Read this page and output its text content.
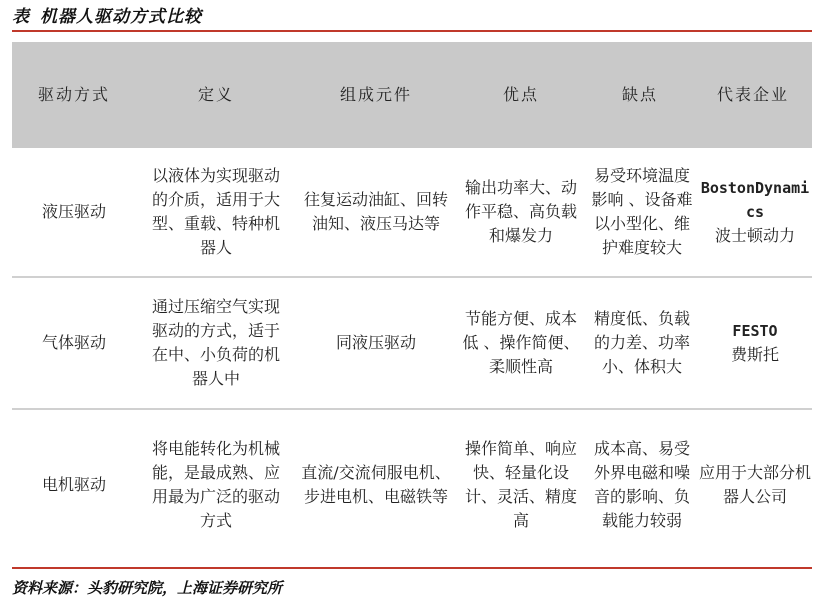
表 机器人驱动方式比较
驱动方式	定义	组成元件	优点	缺点	代表企业
液压驱动	以液体为实现驱动的介质，适用于大型、重载、特种机器人	往复运动油缸、回转油知、液压马达等	输出功率大、动作平稳、高负载和爆发力	易受环境温度影响 、设备难以小型化、维护难度较大	BostonDynamics
波士顿动力

气体驱动	通过压缩空气实现驱动的方式，适于在中、小负荷的机器人中	同液压驱动	节能方便、成本低 、操作简便、柔顺性高	精度低、负载的力差、功率小、体积大	FESTO
费斯托

电机驱动	将电能转化为机械能，是最成熟、应用最为广泛的驱动方式	直流/交流伺服电机、步进电机、电磁铁等	操作简单、响应快、轻量化设计、灵活、精度高	成本高、易受外界电磁和噪音的影响、负载能力较弱	应用于大部分机器人公司
资料来源：头豹研究院，上海证券研究所
